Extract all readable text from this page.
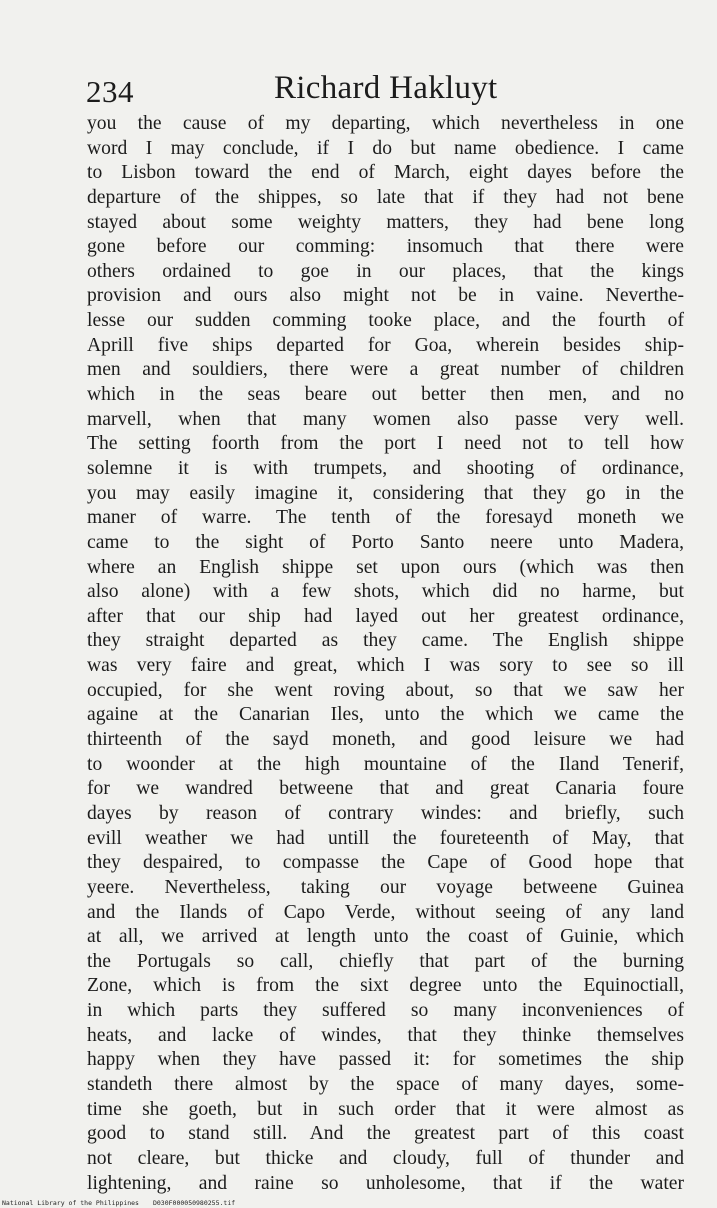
234	Richard Hakluyt
you the cause of my departing, which nevertheless in one
word I may conclude, if I do but name obedience. I came
to Lisbon toward the end of March, eight dayes before the
departure of the shippes, so late that if they had not bene
stayed about some weighty matters, they had bene long
gone before our comming: insomuch that there were
others ordained to goe in our places, that the kings
provision and ours also might not be in vaine. Neverthe-
lesse our sudden comming tooke place, and the fourth of
Aprill five ships departed for Goa, wherein besides ship-
men and souldiers, there were a great number of children
which in the seas beare out better then men, and no
marvell, when that many women also passe very well.
The setting foorth from the port I need not to tell how
solemne it is with trumpets, and shooting of ordinance,
you may easily imagine it, considering that they go in the
maner of warre. The tenth of the foresayd moneth we
came to the sight of Porto Santo neere unto Madera,
where an English shippe set upon ours (which was then
also alone) with a few shots, which did no harme, but
after that our ship had layed out her greatest ordinance,
they straight departed as they came. The English shippe
was very faire and great, which I was sory to see so ill
occupied, for she went roving about, so that we saw her
againe at the Canarian Iles, unto the which we came the
thirteenth of the sayd moneth, and good leisure we had
to woonder at the high mountaine of the Iland Tenerif,
for we wandred betweene that and great Canaria foure
dayes by reason of contrary windes: and briefly, such
evill weather we had untill the foureteenth of May, that
they despaired, to compasse the Cape of Good hope that
yeere. Nevertheless, taking our voyage betweene Guinea
and the Ilands of Capo Verde, without seeing of any land
at all, we arrived at length unto the coast of Guinie, which
the Portugals so call, chiefly that part of the burning
Zone, which is from the sixt degree unto the Equinoctiall,
in which parts they suffered so many inconveniences of
heats, and lacke of windes, that they thinke themselves
happy when they have passed it: for sometimes the ship
standeth there almost by the space of many dayes, some-
time she goeth, but in such order that it were almost as
good to stand still. And the greatest part of this coast
not cleare, but thicke and cloudy, full of thunder and
lightening, and raine so unholesome, that if the water
National Library of the Philippines D030F000050980255.tif
